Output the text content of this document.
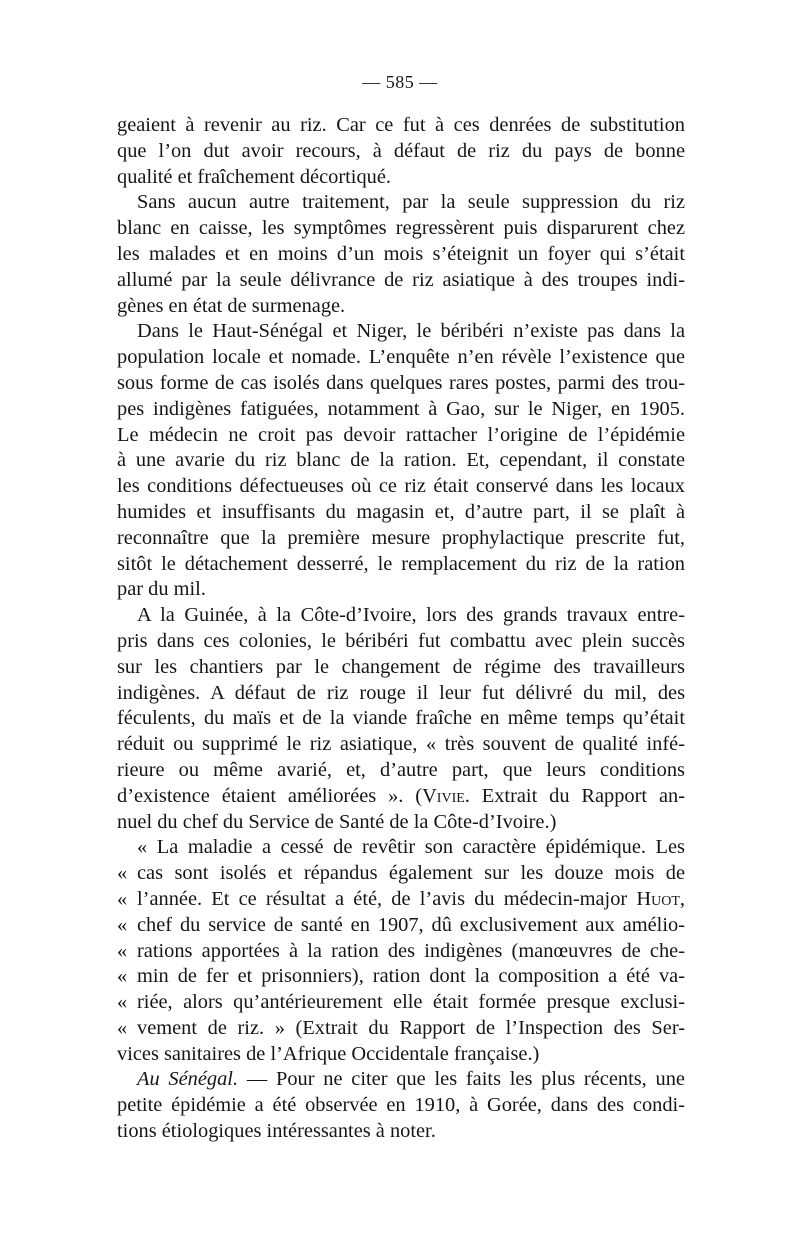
— 585 —
geaient à revenir au riz. Car ce fut à ces denrées de substitution
que l’on dut avoir recours, à défaut de riz du pays de bonne
qualité et fraîchement décortiqué.
Sans aucun autre traitement, par la seule suppression du riz
blanc en caisse, les symptômes regressèrent puis disparurent chez
les malades et en moins d’un mois s’éteignit un foyer qui s’était
allumé par la seule délivrance de riz asiatique à des troupes indi-
gènes en état de surmenage.
Dans le Haut-Sénégal et Niger, le béribéri n’existe pas dans la
population locale et nomade. L’enquête n’en révèle l’existence que
sous forme de cas isolés dans quelques rares postes, parmi des trou-
pes indigènes fatiguées, notamment à Gao, sur le Niger, en 1905.
Le médecin ne croit pas devoir rattacher l’origine de l’épidémie
à une avarie du riz blanc de la ration. Et, cependant, il constate
les conditions défectueuses où ce riz était conservé dans les locaux
humides et insuffisants du magasin et, d’autre part, il se plaît à
reconnaître que la première mesure prophylactique prescrite fut,
sitôt le détachement desserré, le remplacement du riz de la ration
par du mil.
A la Guinée, à la Côte-d’Ivoire, lors des grands travaux entre-
pris dans ces colonies, le béribéri fut combattu avec plein succès
sur les chantiers par le changement de régime des travailleurs
indigènes. A défaut de riz rouge il leur fut délivré du mil, des
féculents, du maïs et de la viande fraîche en même temps qu’était
réduit ou supprimé le riz asiatique, « très souvent de qualité infé-
rieure ou même avarié, et, d’autre part, que leurs conditions
d’existence étaient améliorées ». (Vivie. Extrait du Rapport an-
nuel du chef du Service de Santé de la Côte-d’Ivoire.)
« La maladie a cessé de revêtir son caractère épidémique. Les
« cas sont isolés et répandus également sur les douze mois de
« l’année. Et ce résultat a été, de l’avis du médecin-major Huot,
« chef du service de santé en 1907, dû exclusivement aux amélio-
« rations apportées à la ration des indigènes (manœuvres de che-
« min de fer et prisonniers), ration dont la composition a été va-
« riée, alors qu’antérieurement elle était formée presque exclusi-
« vement de riz. » (Extrait du Rapport de l’Inspection des Ser-
vices sanitaires de l’Afrique Occidentale française.)
Au Sénégal. — Pour ne citer que les faits les plus récents, une
petite épidémie a été observée en 1910, à Gorée, dans des condi-
tions étiologiques intéressantes à noter.
